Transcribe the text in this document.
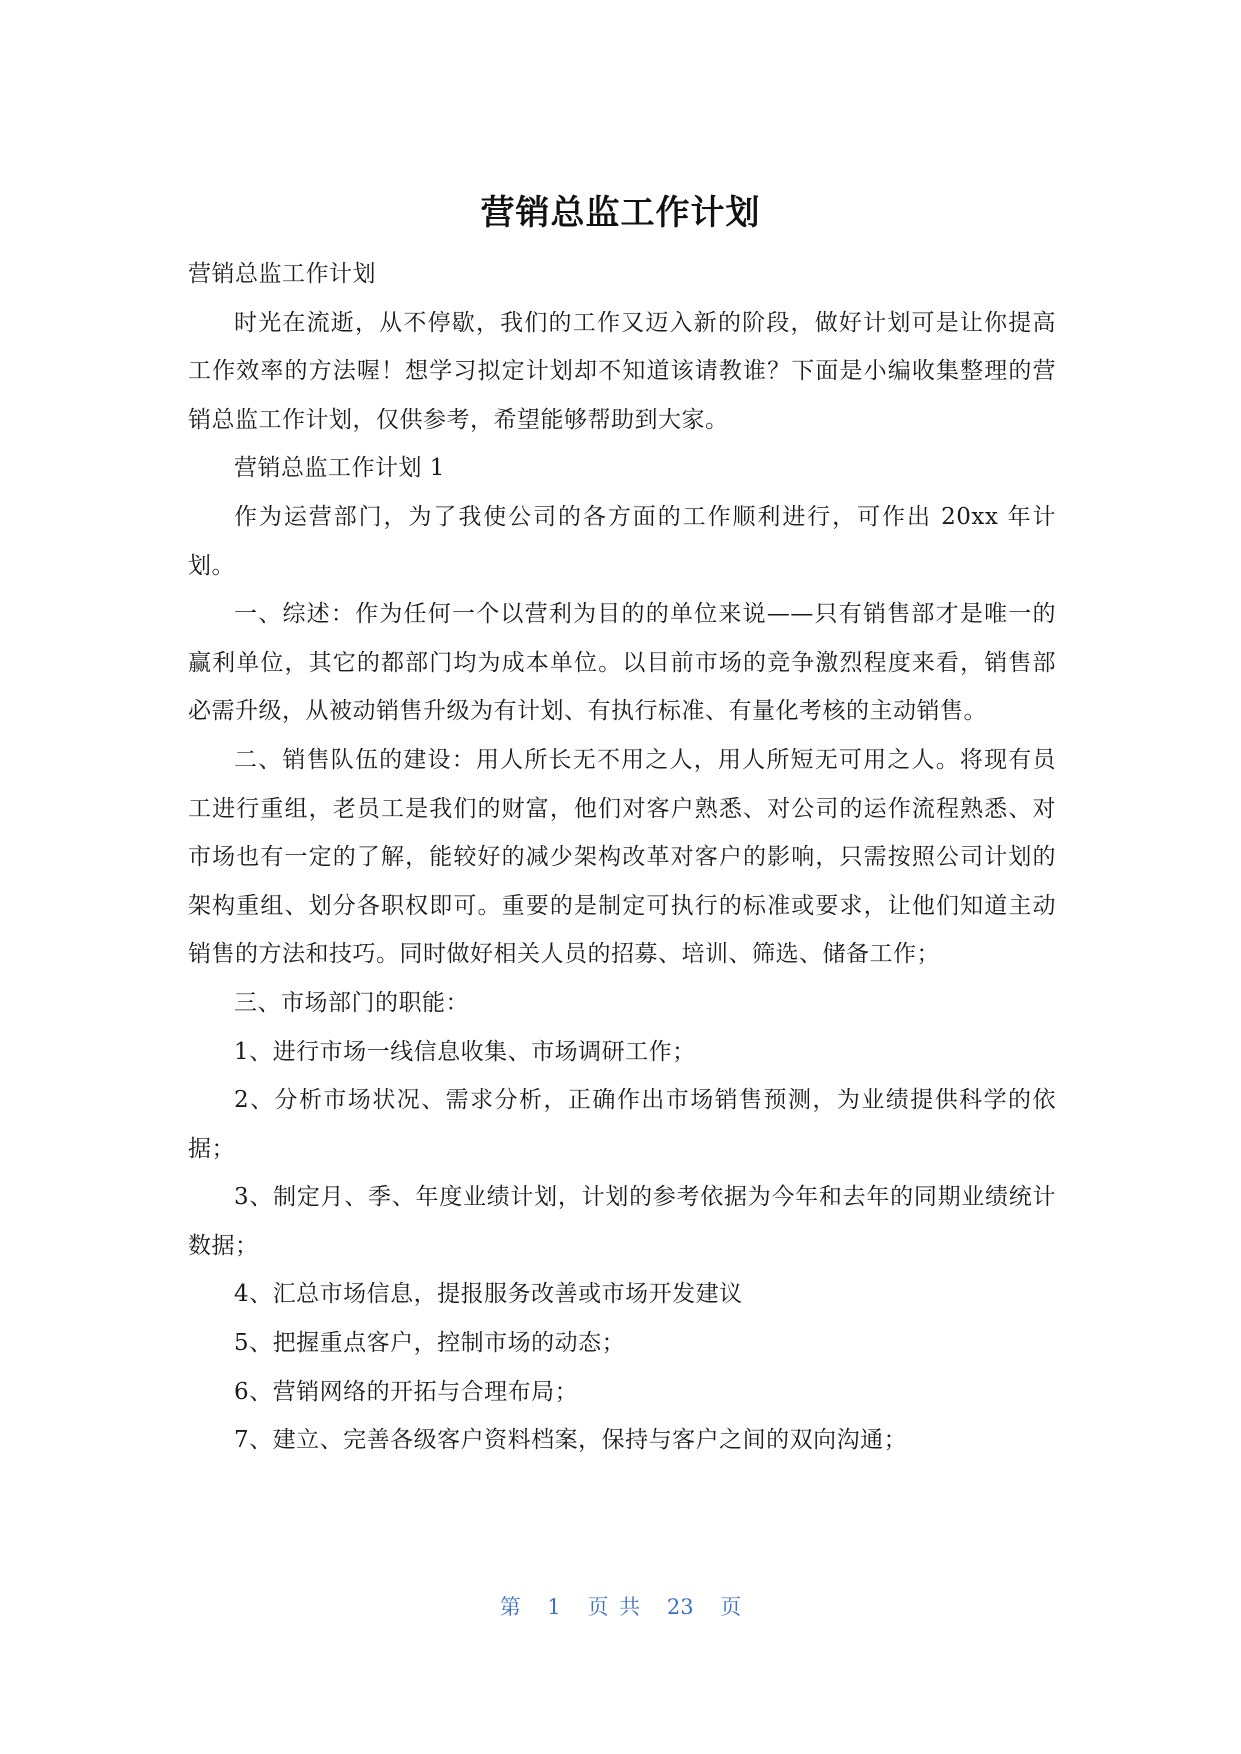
营销总监工作计划

营销总监工作计划

时光在流逝，从不停歇，我们的工作又迈入新的阶段，做好计划可是让你提高工作效率的方法喔！想学习拟定计划却不知道该请教谁？下面是小编收集整理的营销总监工作计划，仅供参考，希望能够帮助到大家。

营销总监工作计划 1

作为运营部门，为了我使公司的各方面的工作顺利进行，可作出 20xx 年计划。

一、综述：作为任何一个以营利为目的的单位来说——只有销售部才是唯一的赢利单位，其它的都部门均为成本单位。以目前市场的竞争激烈程度来看，销售部必需升级，从被动销售升级为有计划、有执行标准、有量化考核的主动销售。

二、销售队伍的建设：用人所长无不用之人，用人所短无可用之人。将现有员工进行重组，老员工是我们的财富，他们对客户熟悉、对公司的运作流程熟悉、对市场也有一定的了解，能较好的减少架构改革对客户的影响，只需按照公司计划的架构重组、划分各职权即可。重要的是制定可执行的标准或要求，让他们知道主动销售的方法和技巧。同时做好相关人员的招募、培训、筛选、储备工作；

三、市场部门的职能：

1、进行市场一线信息收集、市场调研工作；

2、分析市场状况、需求分析，正确作出市场销售预测，为业绩提供科学的依据；

3、制定月、季、年度业绩计划，计划的参考依据为今年和去年的同期业绩统计数据；

4、汇总市场信息，提报服务改善或市场开发建议

5、把握重点客户，控制市场的动态；

6、营销网络的开拓与合理布局；

7、建立、完善各级客户资料档案，保持与客户之间的双向沟通；

第 1 页 共 23 页
